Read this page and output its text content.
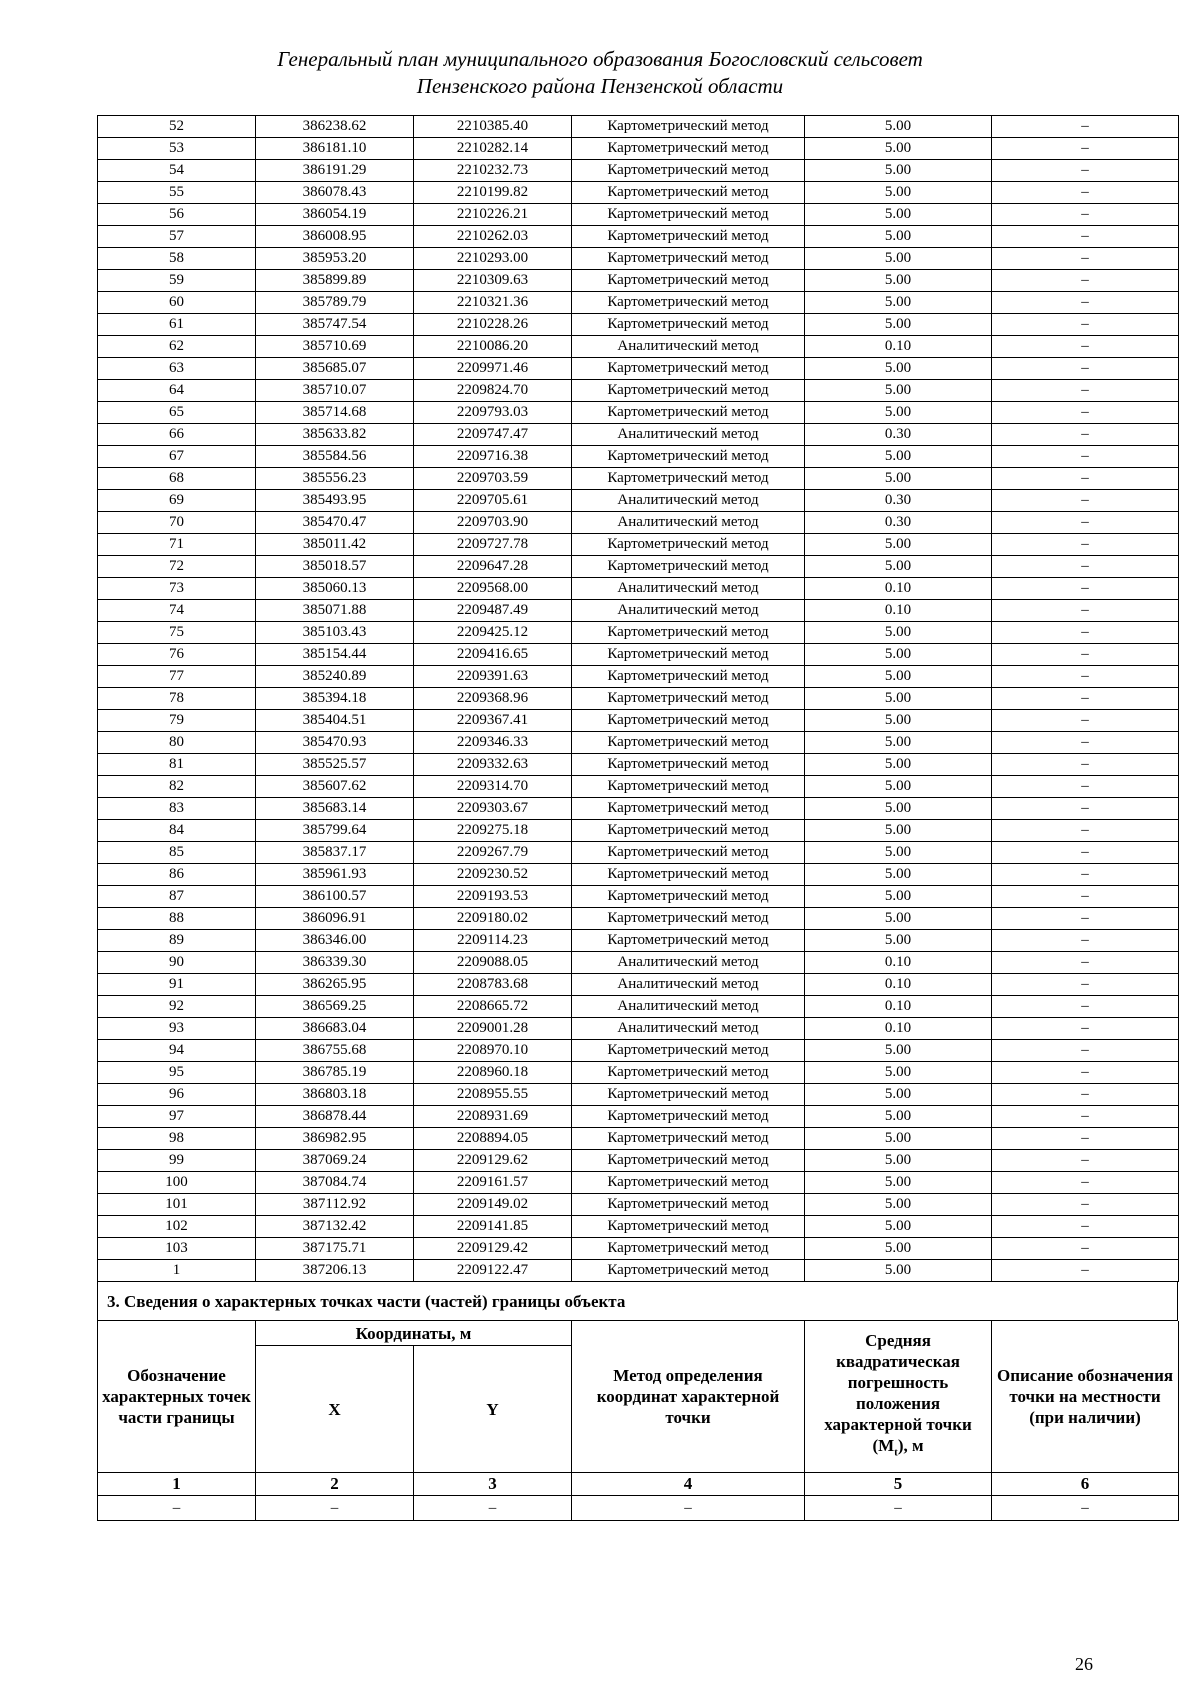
Генеральный план муниципального образования Богословский сельсовет
Пензенского района Пензенской области
52	386238.62	2210385.40	Картометрический метод	5.00	–
53	386181.10	2210282.14	Картометрический метод	5.00	–
54	386191.29	2210232.73	Картометрический метод	5.00	–
55	386078.43	2210199.82	Картометрический метод	5.00	–
56	386054.19	2210226.21	Картометрический метод	5.00	–
57	386008.95	2210262.03	Картометрический метод	5.00	–
58	385953.20	2210293.00	Картометрический метод	5.00	–
59	385899.89	2210309.63	Картометрический метод	5.00	–
60	385789.79	2210321.36	Картометрический метод	5.00	–
61	385747.54	2210228.26	Картометрический метод	5.00	–
62	385710.69	2210086.20	Аналитический метод	0.10	–
63	385685.07	2209971.46	Картометрический метод	5.00	–
64	385710.07	2209824.70	Картометрический метод	5.00	–
65	385714.68	2209793.03	Картометрический метод	5.00	–
66	385633.82	2209747.47	Аналитический метод	0.30	–
67	385584.56	2209716.38	Картометрический метод	5.00	–
68	385556.23	2209703.59	Картометрический метод	5.00	–
69	385493.95	2209705.61	Аналитический метод	0.30	–
70	385470.47	2209703.90	Аналитический метод	0.30	–
71	385011.42	2209727.78	Картометрический метод	5.00	–
72	385018.57	2209647.28	Картометрический метод	5.00	–
73	385060.13	2209568.00	Аналитический метод	0.10	–
74	385071.88	2209487.49	Аналитический метод	0.10	–
75	385103.43	2209425.12	Картометрический метод	5.00	–
76	385154.44	2209416.65	Картометрический метод	5.00	–
77	385240.89	2209391.63	Картометрический метод	5.00	–
78	385394.18	2209368.96	Картометрический метод	5.00	–
79	385404.51	2209367.41	Картометрический метод	5.00	–
80	385470.93	2209346.33	Картометрический метод	5.00	–
81	385525.57	2209332.63	Картометрический метод	5.00	–
82	385607.62	2209314.70	Картометрический метод	5.00	–
83	385683.14	2209303.67	Картометрический метод	5.00	–
84	385799.64	2209275.18	Картометрический метод	5.00	–
85	385837.17	2209267.79	Картометрический метод	5.00	–
86	385961.93	2209230.52	Картометрический метод	5.00	–
87	386100.57	2209193.53	Картометрический метод	5.00	–
88	386096.91	2209180.02	Картометрический метод	5.00	–
89	386346.00	2209114.23	Картометрический метод	5.00	–
90	386339.30	2209088.05	Аналитический метод	0.10	–
91	386265.95	2208783.68	Аналитический метод	0.10	–
92	386569.25	2208665.72	Аналитический метод	0.10	–
93	386683.04	2209001.28	Аналитический метод	0.10	–
94	386755.68	2208970.10	Картометрический метод	5.00	–
95	386785.19	2208960.18	Картометрический метод	5.00	–
96	386803.18	2208955.55	Картометрический метод	5.00	–
97	386878.44	2208931.69	Картометрический метод	5.00	–
98	386982.95	2208894.05	Картометрический метод	5.00	–
99	387069.24	2209129.62	Картометрический метод	5.00	–
100	387084.74	2209161.57	Картометрический метод	5.00	–
101	387112.92	2209149.02	Картометрический метод	5.00	–
102	387132.42	2209141.85	Картометрический метод	5.00	–
103	387175.71	2209129.42	Картометрический метод	5.00	–
1	387206.13	2209122.47	Картометрический метод	5.00	–
3. Сведения о характерных точках части (частей) границы объекта
Обозначение характерных точек части границы	Координаты, м		Метод определения координат характерной точки	Средняя квадратическая погрешность положения характерной точки $(M_t)$, м	Описание обозначения точки на местности (при наличии)
	X	Y			
1	2	3	4	5	6
–	–	–	–	–	–
26
